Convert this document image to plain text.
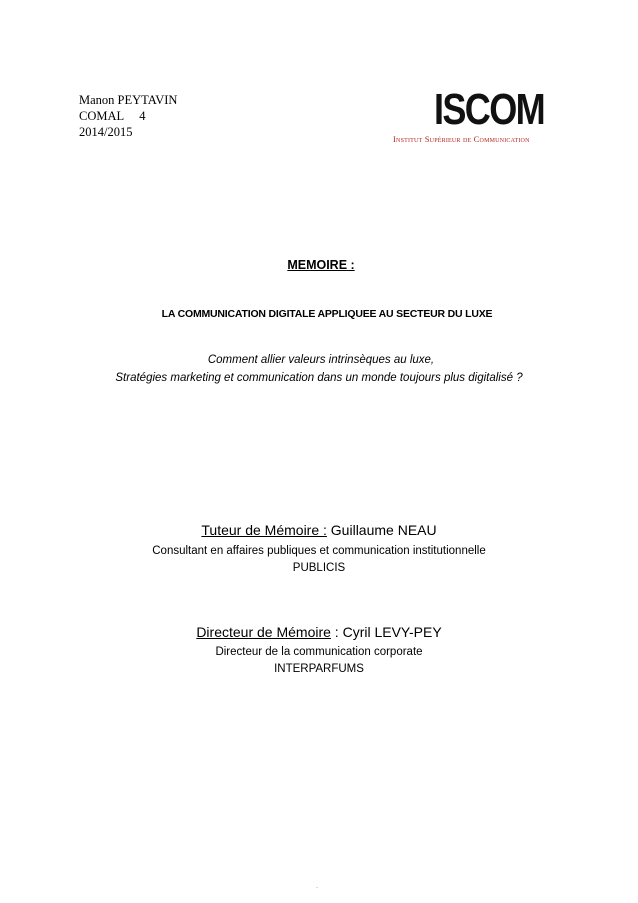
Manon PEYTAVIN
COMAL     4
2014/2015	ISCOM
Institut Supérieur de Communication
MEMOIRE :
LA COMMUNICATION DIGITALE APPLIQUEE AU SECTEUR DU LUXE
Comment allier valeurs intrinsèques au luxe,
Stratégies marketing et communication dans un monde toujours plus digitalisé ?
Tuteur de Mémoire : Guillaume NEAU
Consultant en affaires publiques et communication institutionnelle
PUBLICIS
Directeur de Mémoire : Cyril LEVY-PEY
Directeur de la communication corporate
INTERPARFUMS
.
